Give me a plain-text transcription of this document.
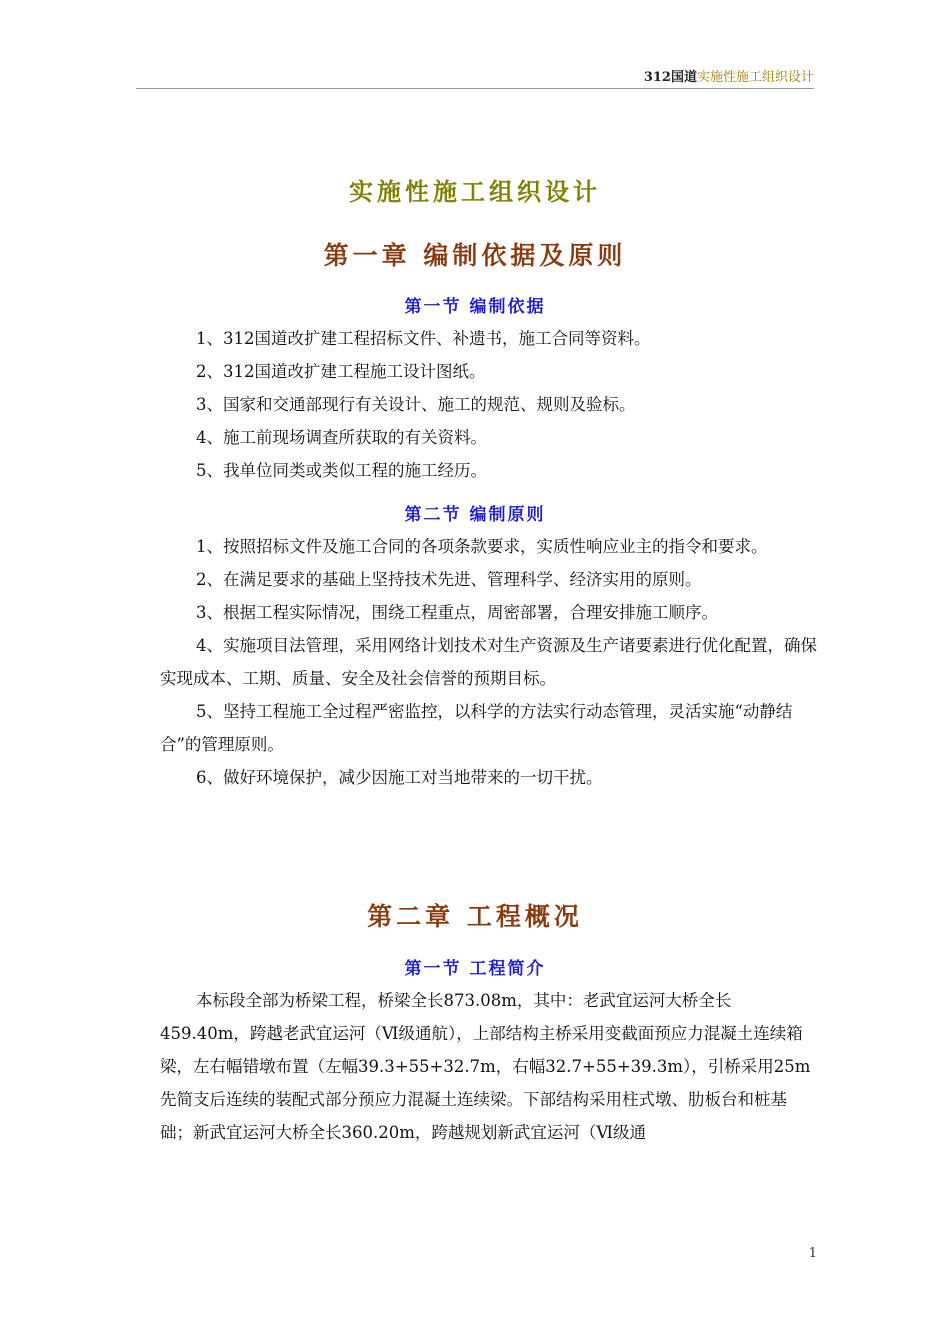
312国道实施性施工组织设计
实施性施工组织设计
第一章 编制依据及原则
第一节 编制依据
1、312国道改扩建工程招标文件、补遗书，施工合同等资料。
2、312国道改扩建工程施工设计图纸。
3、国家和交通部现行有关设计、施工的规范、规则及验标。
4、施工前现场调查所获取的有关资料。
5、我单位同类或类似工程的施工经历。
第二节 编制原则
1、按照招标文件及施工合同的各项条款要求，实质性响应业主的指令和要求。
2、在满足要求的基础上坚持技术先进、管理科学、经济实用的原则。
3、根据工程实际情况，围绕工程重点，周密部署，合理安排施工顺序。
4、实施项目法管理，采用网络计划技术对生产资源及生产诸要素进行优化配置，确保实现成本、工期、质量、安全及社会信誉的预期目标。
5、坚持工程施工全过程严密监控，以科学的方法实行动态管理，灵活实施“动静结合”的管理原则。
6、做好环境保护，减少因施工对当地带来的一切干扰。
第二章 工程概况
第一节 工程简介

本标段全部为桥梁工程，桥梁全长873.08m，其中：老武宜运河大桥全长459.40m，跨越老武宜运河（Ⅵ级通航），上部结构主桥采用变截面预应力混凝土连续箱梁，左右幅错墩布置（左幅39.3+55+32.7m，右幅32.7+55+39.3m），引桥采用25m先简支后连续的装配式部分预应力混凝土连续梁。下部结构采用柱式墩、肋板台和桩基础；新武宜运河大桥全长360.20m，跨越规划新武宜运河（Ⅵ级通

1
